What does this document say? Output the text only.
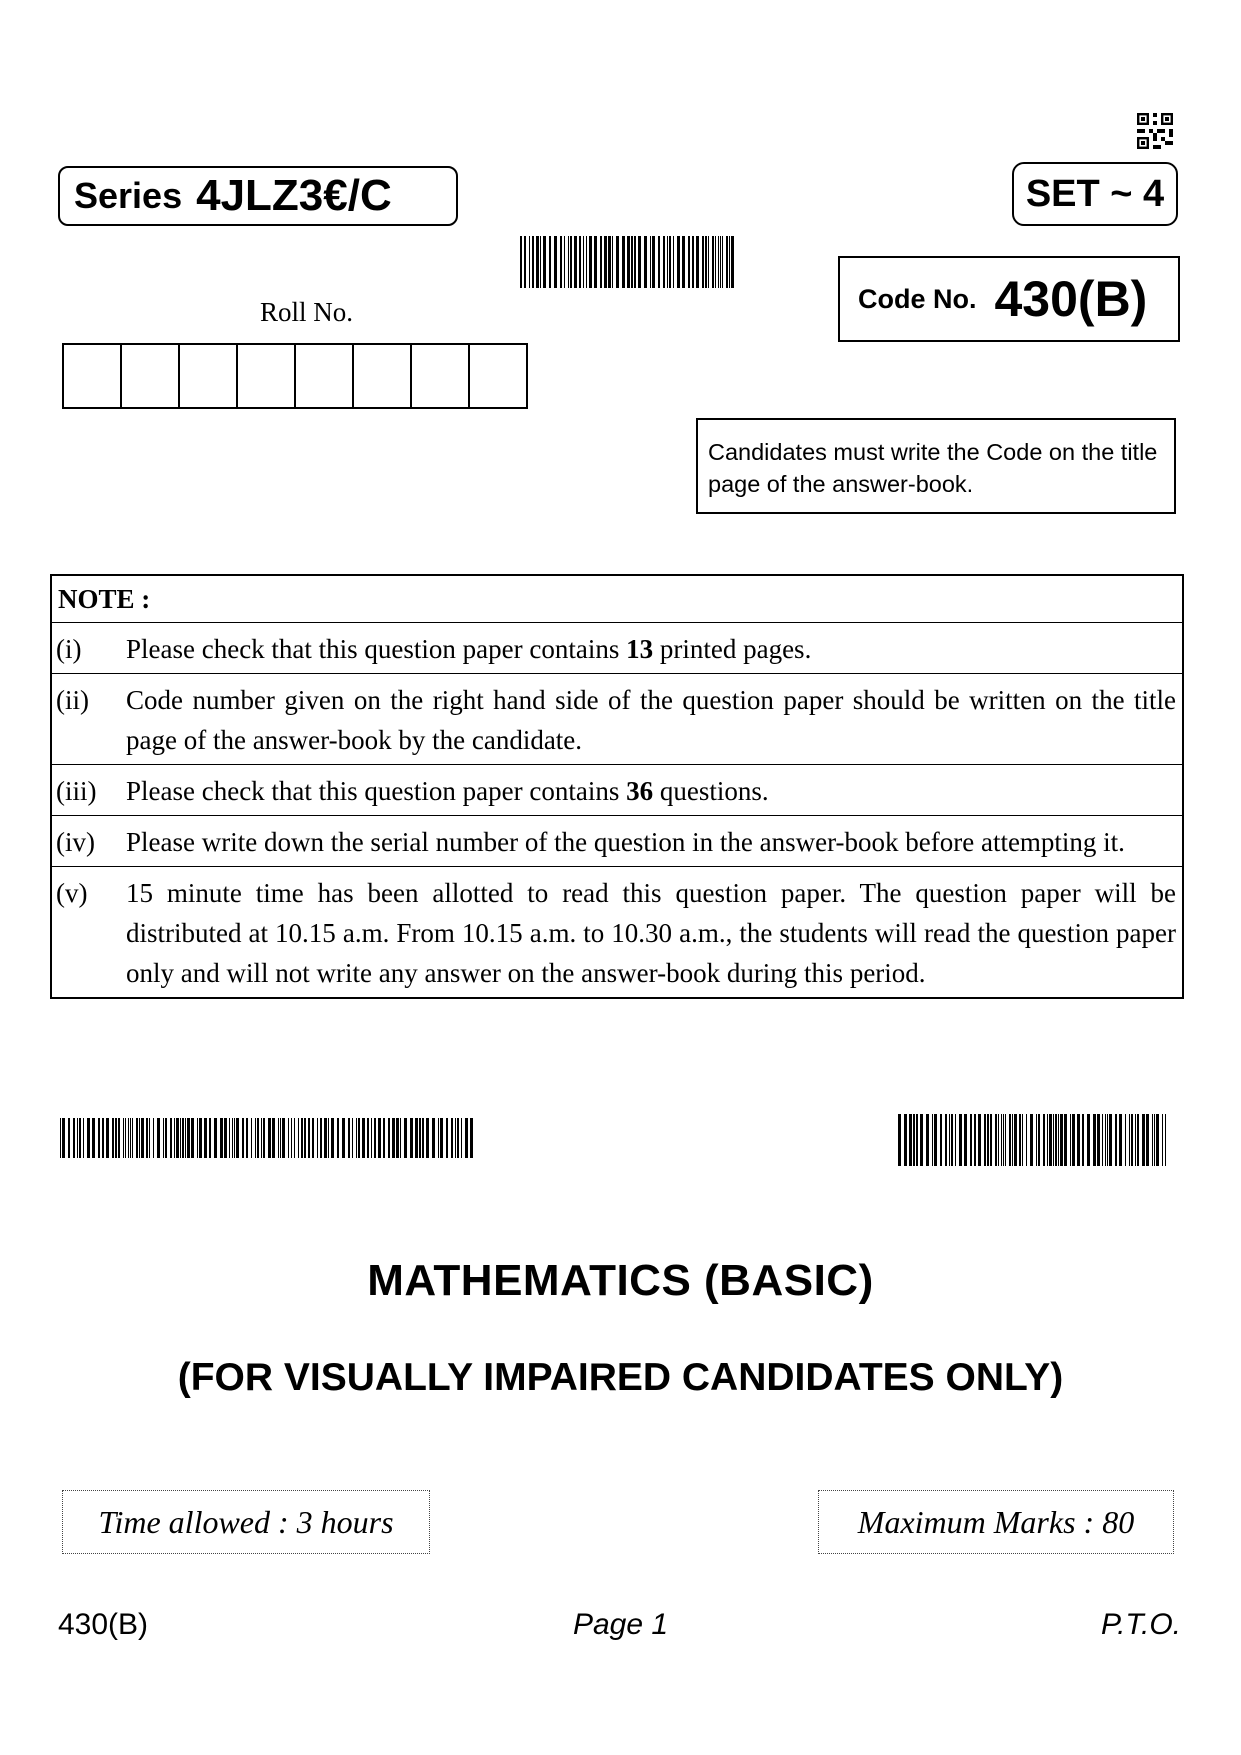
Series 4JLZ3€/C	SET ~ 4
Code No. 430(B)
Roll No.
Candidates must write the Code on the title page of the answer-book.
NOTE :
(i)	Please check that this question paper contains 13 printed pages.
(ii)	Code number given on the right hand side of the question paper should be written on the title page of the answer-book by the candidate.
(iii)	Please check that this question paper contains 36 questions.
(iv)	Please write down the serial number of the question in the answer-book before attempting it.
(v)	15 minute time has been allotted to read this question paper. The question paper will be distributed at 10.15 a.m. From 10.15 a.m. to 10.30 a.m., the students will read the question paper only and will not write any answer on the answer-book during this period.
MATHEMATICS (BASIC)
(FOR VISUALLY IMPAIRED CANDIDATES ONLY)
Time allowed : 3 hours	Maximum Marks : 80
430(B)	Page 1	P.T.O.
